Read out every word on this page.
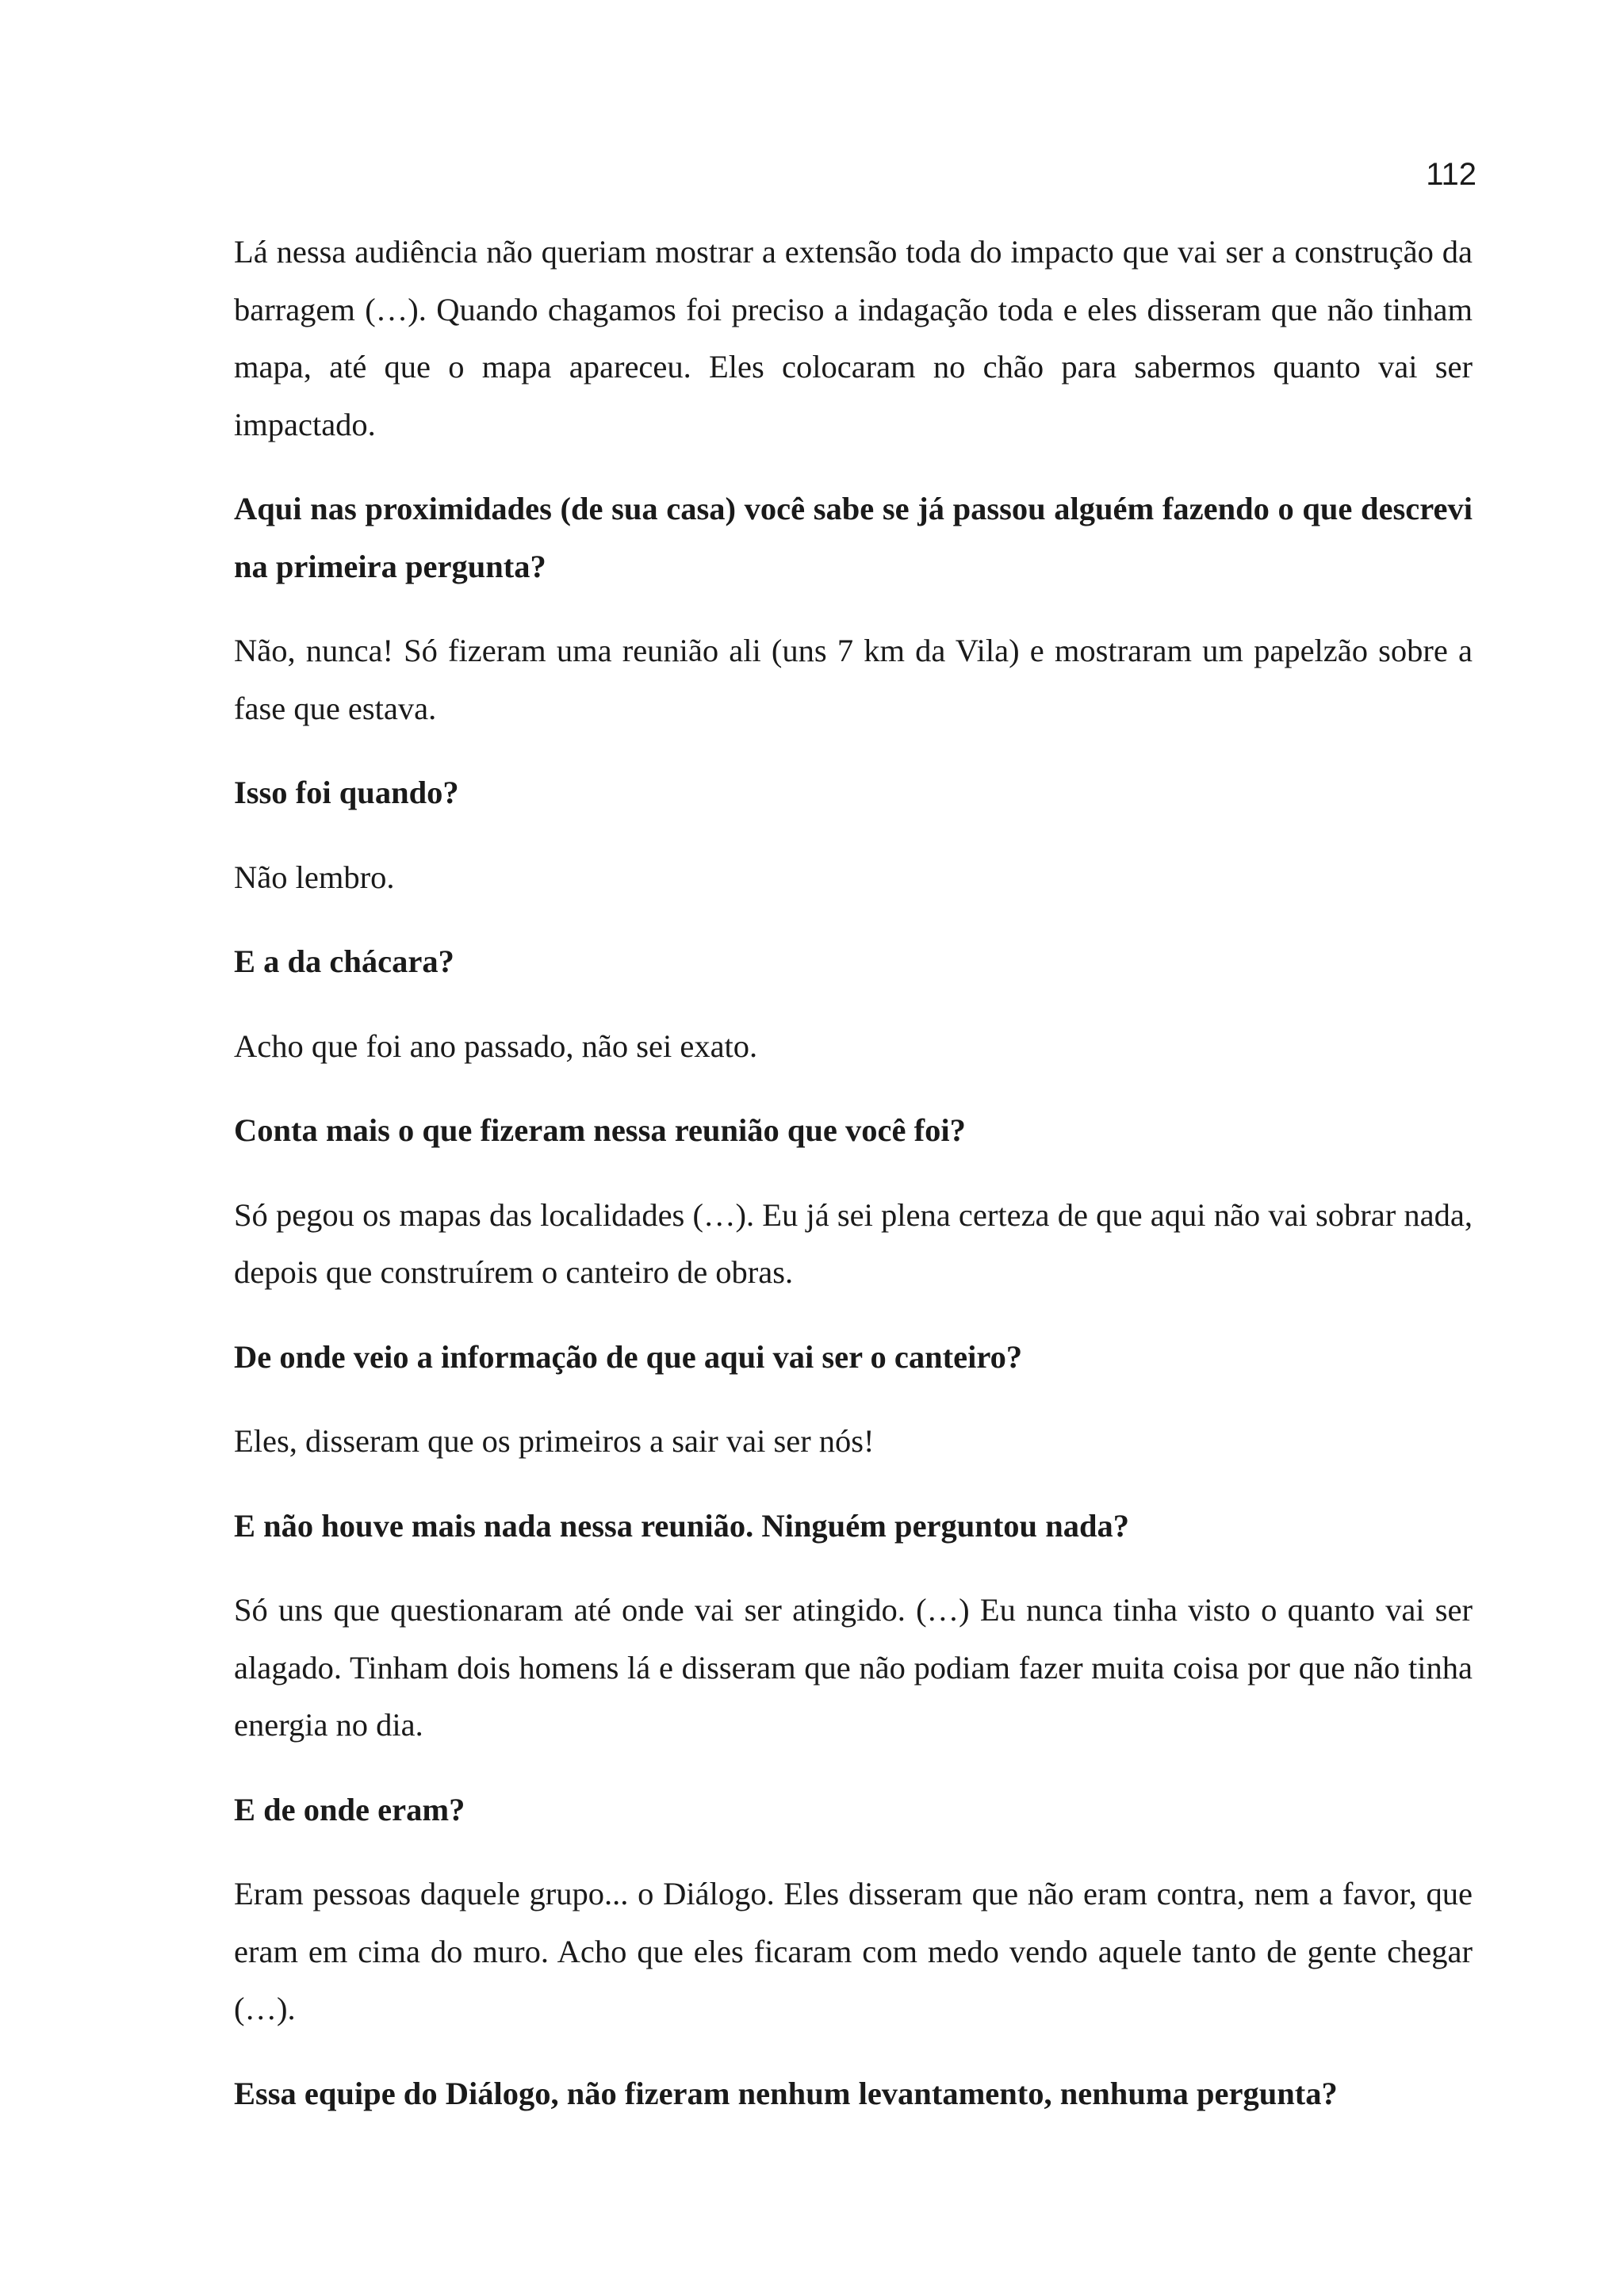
112

Lá nessa audiência não queriam mostrar a extensão toda do impacto que vai ser a construção da barragem (…). Quando chagamos foi preciso a indagação toda e eles disseram que não tinham mapa, até que o mapa apareceu. Eles colocaram no chão para sabermos quanto vai ser impactado.

Aqui nas proximidades (de sua casa) você sabe se já passou alguém fazendo o que descrevi na primeira pergunta?

Não, nunca! Só fizeram uma reunião ali (uns 7 km da Vila) e mostraram um papelzão sobre a fase que estava.

Isso foi quando?

Não lembro.

E a da chácara?

Acho que foi ano passado, não sei exato.

Conta mais o que fizeram nessa reunião que você foi?

Só pegou os mapas das localidades (…). Eu já sei plena certeza de que aqui não vai sobrar nada, depois que construírem o canteiro de obras.

De onde veio a informação de que aqui vai ser o canteiro?

Eles, disseram que os primeiros a sair vai ser nós!

E não houve mais nada nessa reunião. Ninguém perguntou nada?

Só uns que questionaram até onde vai ser atingido. (…) Eu nunca tinha visto o quanto vai ser alagado. Tinham dois homens lá e disseram que não podiam fazer muita coisa por que não tinha energia no dia.

E de onde eram?

Eram pessoas daquele grupo... o Diálogo. Eles disseram que não eram contra, nem a favor, que eram em cima do muro. Acho que eles ficaram com medo vendo aquele tanto de gente chegar (…).

Essa equipe do Diálogo, não fizeram nenhum levantamento, nenhuma pergunta?
